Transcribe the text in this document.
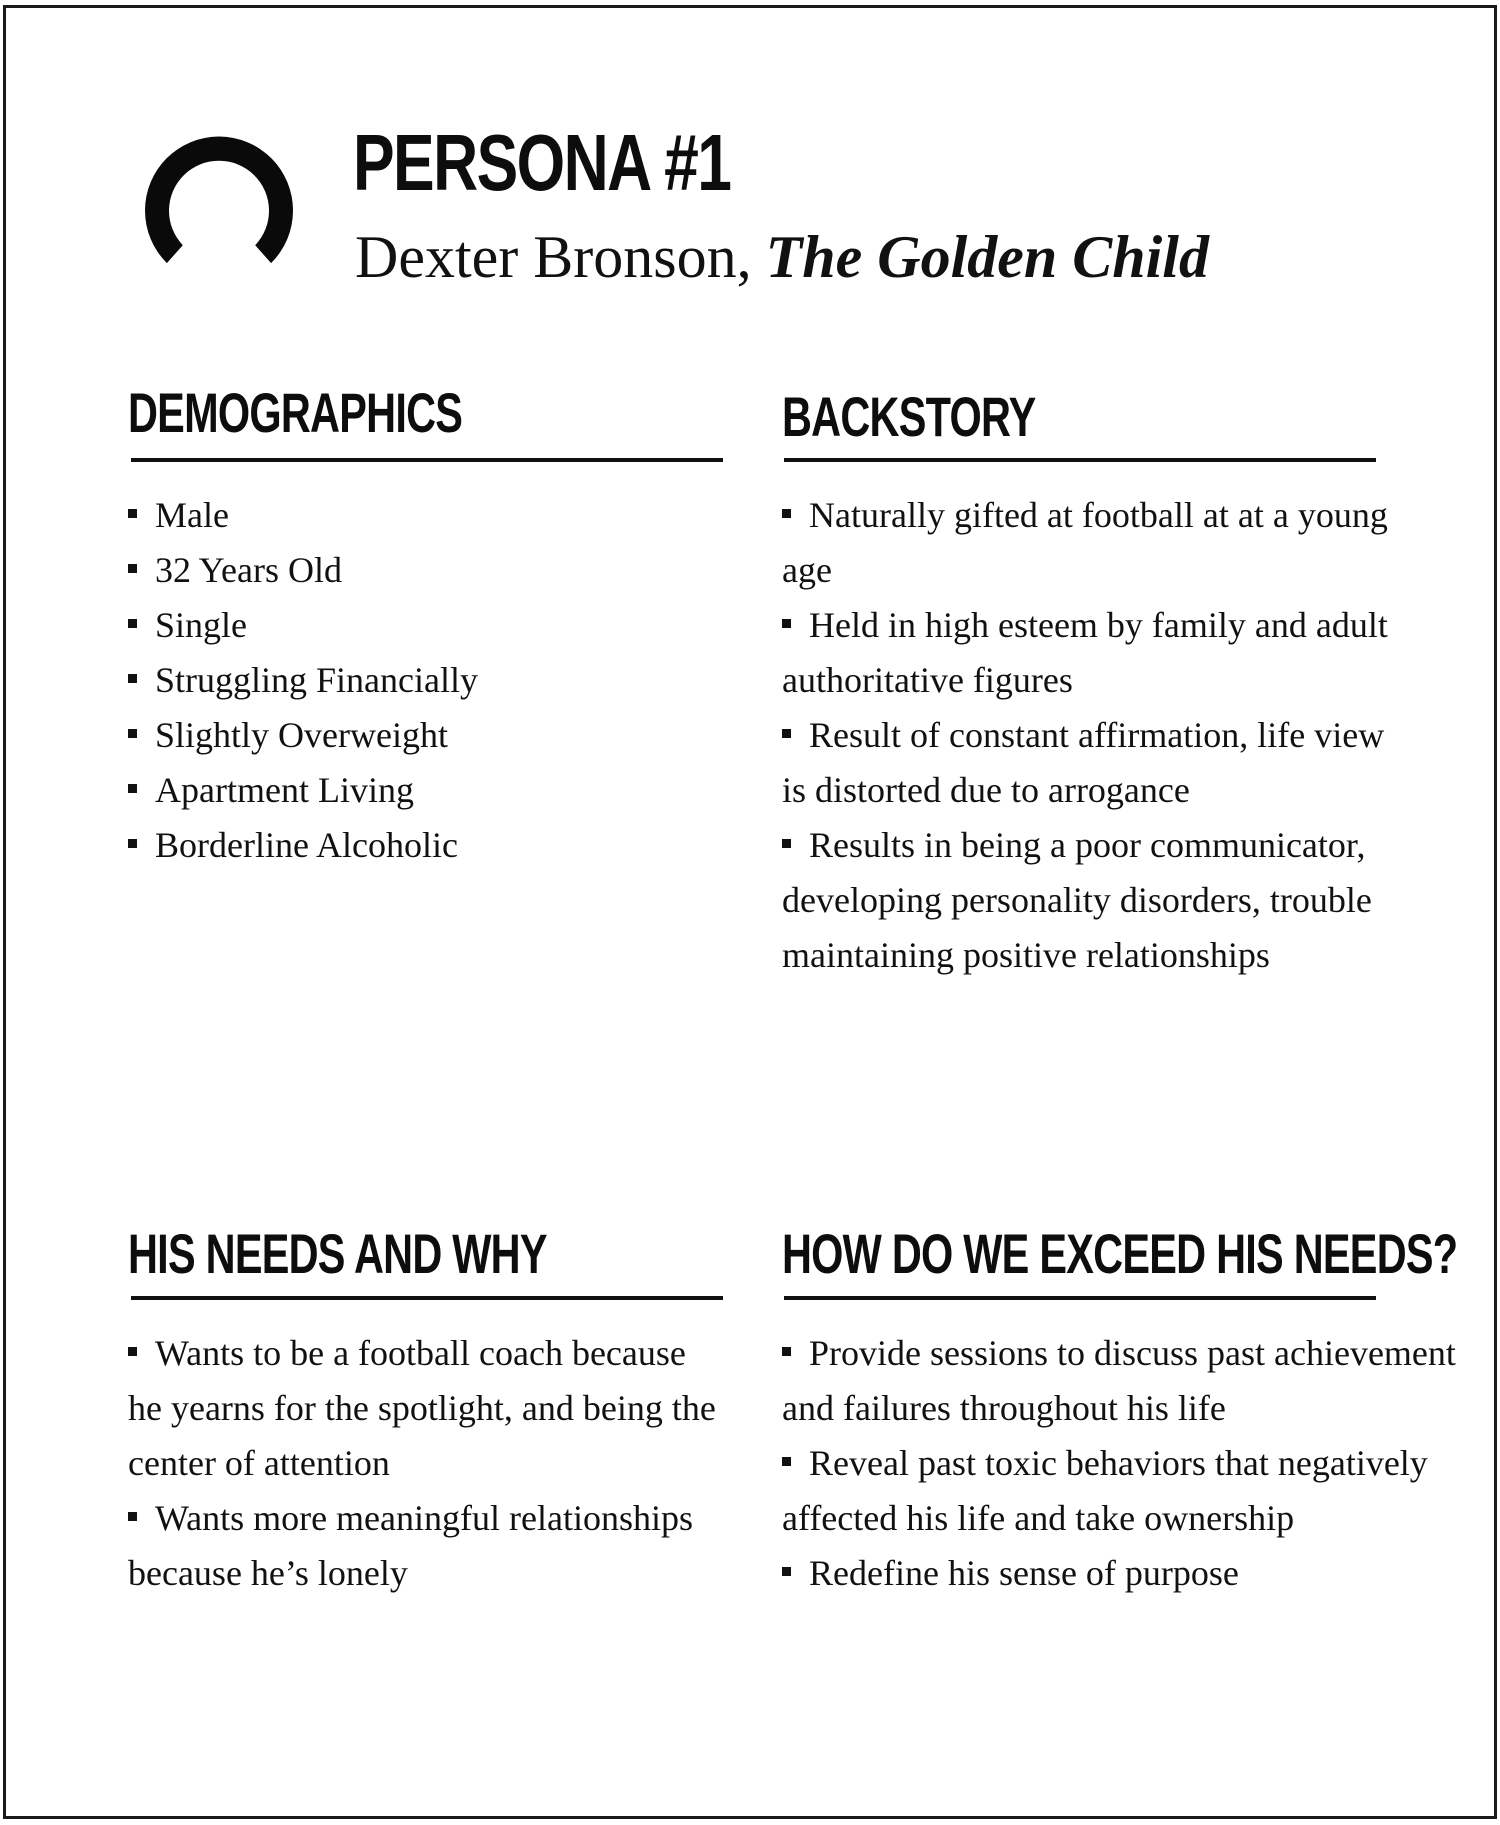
PERSONA #1

Dexter Bronson, The Golden Child

DEMOGRAPHICS
Male
32 Years Old
Single
Struggling Financially
Slightly Overweight
Apartment Living
Borderline Alcoholic
BACKSTORY
Naturally gifted at football at at a young age
Held in high esteem by family and adult authoritative figures
Result of constant affirmation, life view is distorted due to arrogance
Results in being a poor communicator, developing personality disorders, trouble maintaining positive relationships
HIS NEEDS AND WHY
Wants to be a football coach because he yearns for the spotlight, and being the center of attention
Wants more meaningful relationships because he’s lonely
HOW DO WE EXCEED HIS NEEDS?
Provide sessions to discuss past achievement and failures throughout his life
Reveal past toxic behaviors that negatively affected his life and take ownership
Redefine his sense of purpose
